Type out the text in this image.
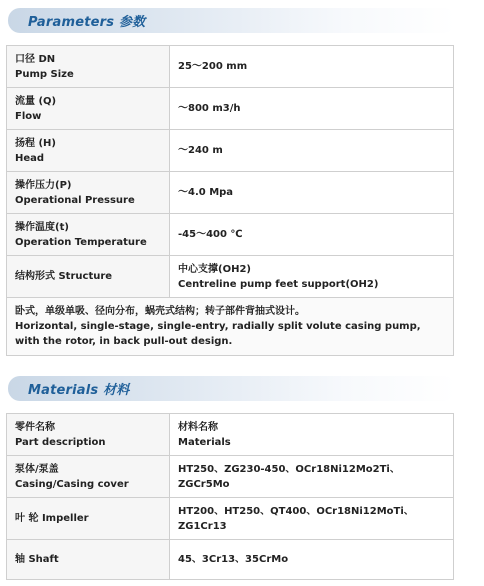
Parameters 参数
口径 DN
Pump Size	25～200 mm

流量 (Q)
Flow	～800 m3/h

扬程 (H)
Head	～240 m

操作压力(P)
Operational Pressure	～4.0 Mpa

操作温度(t)
Operation Temperature	-45～400 ℃
结构形式 Structure	中心支撑(OH2)
Centreline pump feet support(OH2)

卧式，单级单吸、径向分布，蜗壳式结构；转子部件背抽式设计。
Horizontal, single-stage, single-entry, radially split volute casing pump,
with the rotor, in back pull-out design.	
Materials 材料
零件名称
Part description	材料名称
Materials

泵体/泵盖
Casing/Casing cover	HT250、ZG230-450、OCr18Ni12Mo2Ti、ZGCr5Mo

叶 轮 Impeller	HT200、HT250、QT400、OCr18Ni12MoTi、
ZG1Cr13

轴 Shaft	45、3Cr13、35CrMo
